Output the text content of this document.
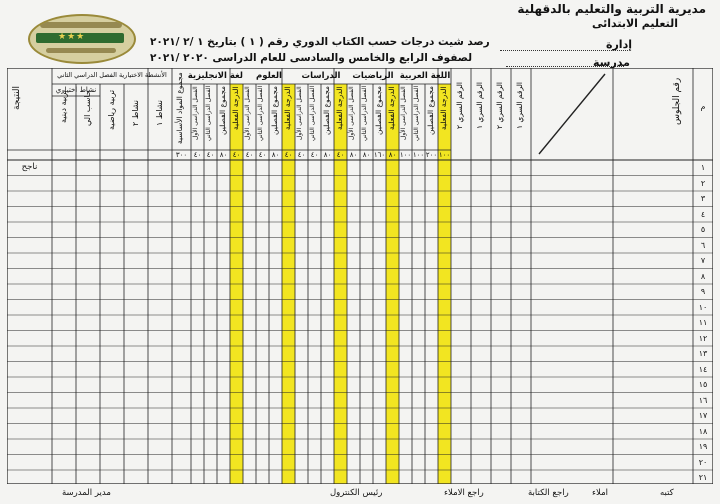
مديرية التربية والتعليم بالدقهلية
التعليم الابتدائى
إدارة
مدرسة
رصد شيت درجات حسب الكتاب الدوري رقم ( ١ ) بتاريخ ١ /٢ /٢٠٢١
لصفوف الرابع والخامس والسادسى للعام الدراسى ٢٠٢٠ /٢٠٢١
★★★
م
رقم الجلوس
الرقم السري ١
الرقم السري ٢
الرقم السري ١
الرقم السري ٢
اللغة العربية
الدرجة الفعلية
١٠٠
مجموع الفصلين
٢٠٠
الفصل الدراسى الثاني
١٠٠
الفصل الدراسى الأول
١٠٠
الرياضيات
الدرجة الفعلية
٨٠
مجموع الفصلين
١٦٠
الفصل الدراسى الثاني
٨٠
الفصل الدراسى الأول
٨٠
الدراسات
الدرجة الفعلية
٤٠
مجموع الفصلين
٨٠
الفصل الدراسى الثاني
٤٠
الفصل الدراسى الأول
٤٠
العلوم
الدرجة الفعلية
٤٠
مجموع الفصلين
٨٠
الفصل الدراسى الثاني
٤٠
الفصل الدراسى الأول
٤٠
لغة الانجليزية
الدرجة الفعلية
٤٠
مجموع الفصلين
٨٠
الفصل الدراسى الثاني
٤٠
الفصل الدراسى الأول
٤٠
مجموع المواد الأساسية
٣٠٠
الأنشطة الاختيارية الفصل الدراسي الثاني
نشاط اختياري
نشاط ١
نشاط ٢
تربية رياضية
حاسب الي
تربية دينية
النتيجة
ناجح	١
٢
٣
٤
٥
٦
٧
٨
٩
١٠
١١
١٢
١٣
١٤
١٥
١٦
١٧
١٨
١٩
٢٠
٢١
كتبه
املاء
راجع الكتابة
راجع الاملاء
رئيس الكنترول
مدير المدرسة
